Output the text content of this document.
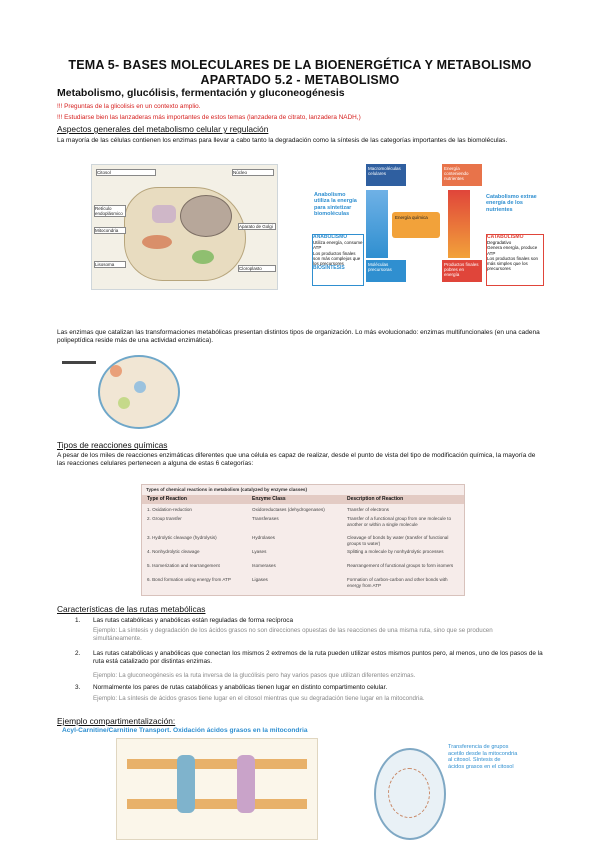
TEMA 5- BASES MOLECULARES DE LA BIOENERGÉTICA Y METABOLISMO
APARTADO 5.2 - METABOLISMO
Metabolismo, glucólisis, fermentación y gluconeogénesis
!!! Preguntas de la glicolisis en un contexto amplio.
!!! Estudiarse bien las lanzaderas más importantes de estos temas (lanzadera de citrato, lanzadera NADH,)
Aspectos generales del metabolismo celular y regulación
La mayoría de las células contienen los enzimas para llevar a cabo tanto la degradación como la síntesis de las categorías importantes de las biomoléculas.
Citosol	Núcleo
Retículo endoplásmico
Mitocondria
Aparato de Golgi
Lisosoma
Cloroplasto
Anabolismo utiliza la energía para sintetizar biomoléculas
ANABOLISMO
Utiliza energía, consume ATP
Los productos finales son más complejos que los precursores
BIOSÍNTESIS
Macromoléculas celulares
Energía química
Moléculas precursoras
Energía conteniendo nutrientes
Productos finales pobres en energía
Catabolismo extrae energía de los nutrientes
CATABOLISMO
Degradativo
Genera energía, produce ATP
Los productos finales son más simples que los precursores
Las enzimas que catalizan las transformaciones metabólicas presentan distintos tipos de organización. Lo más evolucionado: enzimas multifuncionales (en una cadena polipeptídica reside más de una actividad enzimática).
Tipos de reacciones químicas
A pesar de los miles de reacciones enzimáticas diferentes que una célula es capaz de realizar, desde el punto de vista del tipo de modificación química, la mayoría de las reacciones celulares pertenecen a alguna de estas 6 categorías:
Types of chemical reactions in metabolism (catalyzed by enzyme classes)
Type of Reaction	Enzyme Class	Description of Reaction
1. Oxidation-reduction	Oxidoreductases (dehydrogenases)	Transfer of electrons
2. Group transfer	Transferases	Transfer of a functional group from one molecule to another or within a single molecule
3. Hydrolytic cleavage (hydrolysis)	Hydrolases	Cleavage of bonds by water (transfer of functional groups to water)
4. Nonhydrolytic cleavage	Lyases	Splitting a molecule by nonhydrolytic processes
5. Isomerization and rearrangement	Isomerases	Rearrangement of functional groups to form isomers
6. Bond formation using energy from ATP	Ligases	Formation of carbon-carbon and other bonds with energy from ATP
Características de las rutas metabólicas
1. Las rutas catabólicas y anabólicas están reguladas de forma recíproca
Ejemplo: La síntesis y degradación de los ácidos grasos no son direcciones opuestas de las reacciones de una misma ruta, sino que se producen simultáneamente.
2. Las rutas catabólicas y anabólicas que conectan los mismos 2 extremos de la ruta pueden utilizar estos mismos puntos pero, al menos, uno de los pasos de la ruta está catalizado por distintas enzimas.
Ejemplo: La gluconeogénesis es la ruta inversa de la glucólisis pero hay varios pasos que utilizan diferentes enzimas.
3. Normalmente los pares de rutas catabólicas y anabólicas tienen lugar en distinto compartimento celular.
Ejemplo: La síntesis de ácidos grasos tiene lugar en el citosol mientras que su degradación tiene lugar en la mitocondria.
Ejemplo compartimentalización:
Acyl-Carnitine/Carnitine Transport. Oxidación ácidos grasos en la mitocondria
Transferencia de grupos acetilo desde la mitocondria al citosol. Síntesis de ácidos grasos en el citosol
